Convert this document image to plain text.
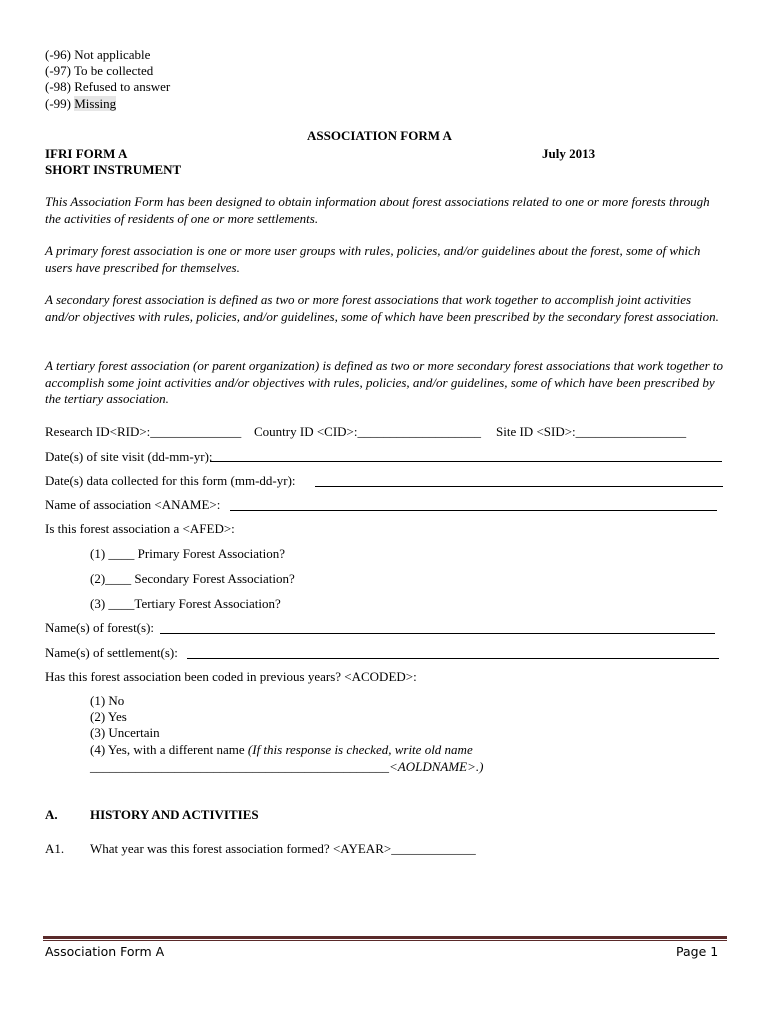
(-96) Not applicable
(-97) To be collected
(-98) Refused to answer
(-99) Missing
ASSOCIATION FORM A
IFRI FORM A	July 2013
SHORT INSTRUMENT
This Association Form has been designed to obtain information about forest associations related to one or more forests through the activities of residents of one or more settlements.
A primary forest association is one or more user groups with rules, policies, and/or guidelines about the forest, some of which users have prescribed for themselves.
A secondary forest association is defined as two or more forest associations that work together to accomplish joint activities and/or objectives with rules, policies, and/or guidelines, some of which have been prescribed by the secondary forest association.
A tertiary forest association (or parent organization) is defined as two or more secondary forest associations that work together to accomplish some joint activities and/or objectives with rules, policies, and/or guidelines, some of which have been prescribed by the tertiary association.
Research ID<RID>:______________ Country ID <CID>:___________________ Site ID <SID>:_________________
Date(s) of site visit (dd-mm-yr):
Date(s) data collected for this form (mm-dd-yr):
Name of association <ANAME>:
Is this forest association a <AFED>:
(1) ____ Primary Forest Association?
(2)____ Secondary Forest Association?
(3) ____Tertiary Forest Association?
Name(s) of forest(s):
Name(s) of settlement(s):
Has this forest association been coded in previous years? <ACODED>:
(1) No
(2) Yes
(3) Uncertain
(4) Yes, with a different name (If this response is checked, write old name
______________________________________________<AOLDNAME>.)
A. HISTORY AND ACTIVITIES
A1. What year was this forest association formed? <AYEAR>_____________
Association Form A	Page 1
